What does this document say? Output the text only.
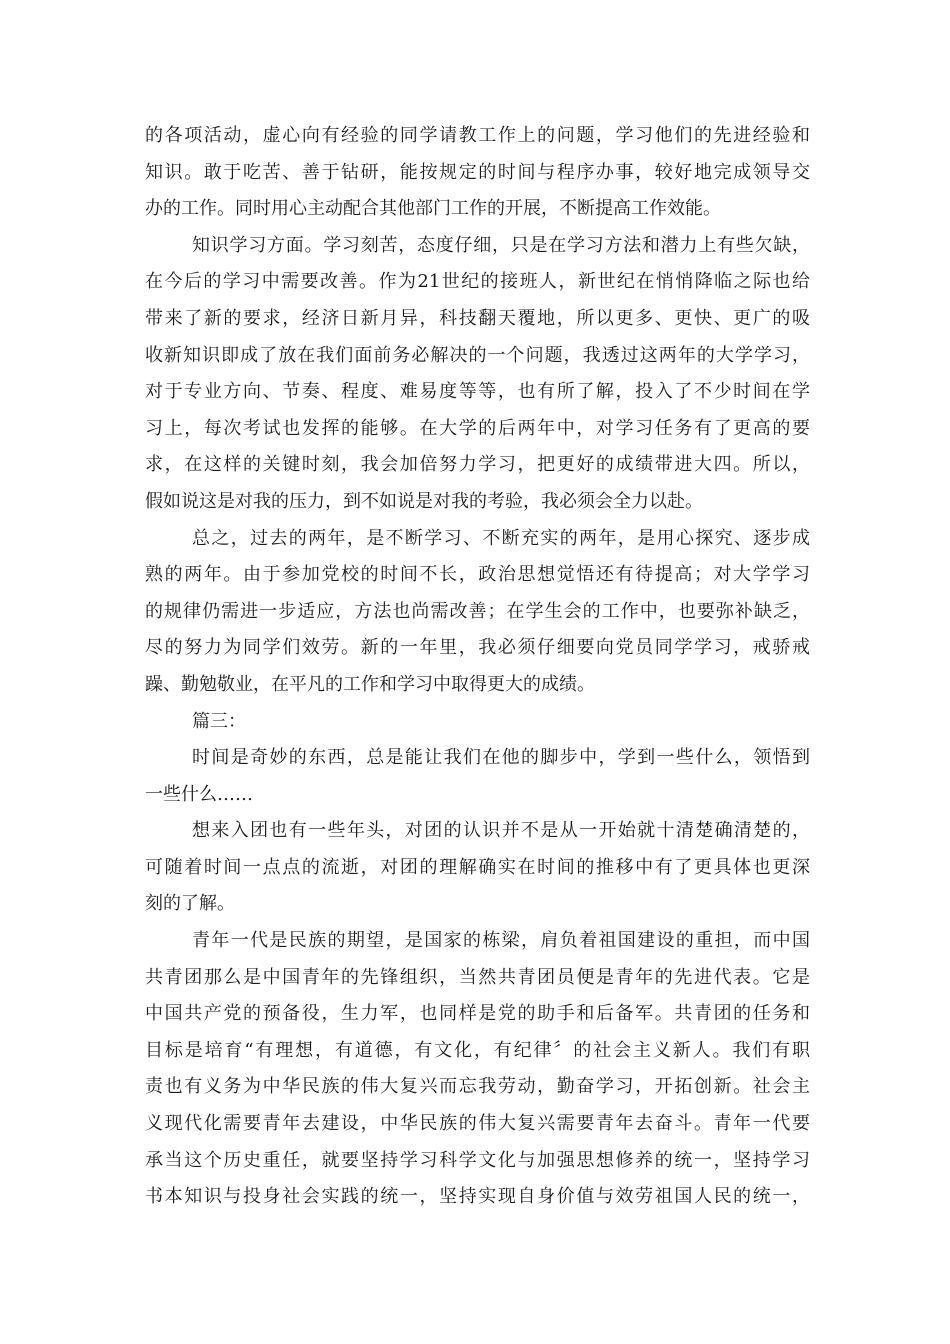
的各项活动，虚心向有经验的同学请教工作上的问题，学习他们的先进经验和
知识。敢于吃苦、善于钻研，能按规定的时间与程序办事，较好地完成领导交
办的工作。同时用心主动配合其他部门工作的开展，不断提高工作效能。
知识学习方面。学习刻苦，态度仔细，只是在学习方法和潜力上有些欠缺，
在今后的学习中需要改善。作为21世纪的接班人，新世纪在悄悄降临之际也给
带来了新的要求，经济日新月异，科技翻天覆地，所以更多、更快、更广的吸
收新知识即成了放在我们面前务必解决的一个问题，我透过这两年的大学学习，
对于专业方向、节奏、程度、难易度等等，也有所了解，投入了不少时间在学
习上，每次考试也发挥的能够。在大学的后两年中，对学习任务有了更高的要
求，在这样的关键时刻，我会加倍努力学习，把更好的成绩带进大四。所以，
假如说这是对我的压力，到不如说是对我的考验，我必须会全力以赴。
总之，过去的两年，是不断学习、不断充实的两年，是用心探究、逐步成
熟的两年。由于参加党校的时间不长，政治思想觉悟还有待提高；对大学学习
的规律仍需进一步适应，方法也尚需改善；在学生会的工作中，也要弥补缺乏，
尽的努力为同学们效劳。新的一年里，我必须仔细要向党员同学学习，戒骄戒
躁、勤勉敬业，在平凡的工作和学习中取得更大的成绩。
篇三：
时间是奇妙的东西，总是能让我们在他的脚步中，学到一些什么，领悟到
一些什么……
想来入团也有一些年头，对团的认识并不是从一开始就十清楚确清楚的，
可随着时间一点点的流逝，对团的理解确实在时间的推移中有了更具体也更深
刻的了解。
青年一代是民族的期望，是国家的栋梁，肩负着祖国建设的重担，而中国
共青团那么是中国青年的先锋组织，当然共青团员便是青年的先进代表。它是
中国共产党的预备役，生力军，也同样是党的助手和后备军。共青团的任务和
目标是培育“有理想，有道德，有文化，有纪律〞的社会主义新人。我们有职
责也有义务为中华民族的伟大复兴而忘我劳动，勤奋学习，开拓创新。社会主
义现代化需要青年去建设，中华民族的伟大复兴需要青年去奋斗。青年一代要
承当这个历史重任，就要坚持学习科学文化与加强思想修养的统一，坚持学习
书本知识与投身社会实践的统一，坚持实现自身价值与效劳祖国人民的统一，
